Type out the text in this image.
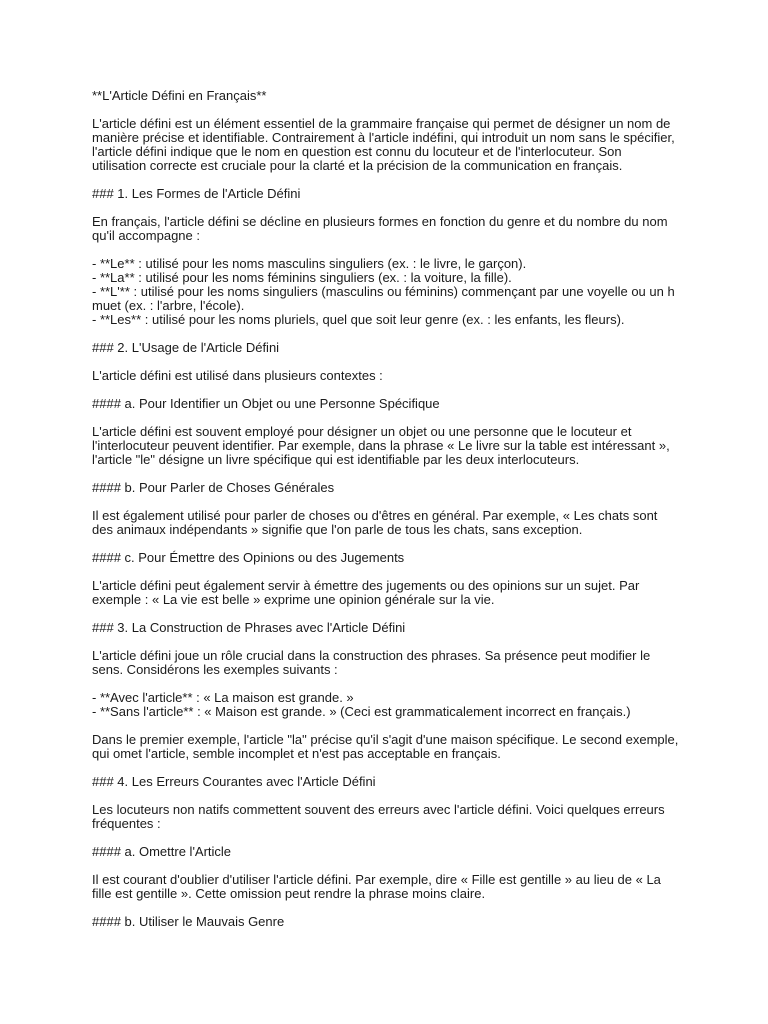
**L'Article Défini en Français**

L'article défini est un élément essentiel de la grammaire française qui permet de désigner un nom de
manière précise et identifiable. Contrairement à l'article indéfini, qui introduit un nom sans le spécifier,
l'article défini indique que le nom en question est connu du locuteur et de l'interlocuteur. Son
utilisation correcte est cruciale pour la clarté et la précision de la communication en français.

### 1. Les Formes de l'Article Défini

En français, l'article défini se décline en plusieurs formes en fonction du genre et du nombre du nom
qu'il accompagne :

- **Le** : utilisé pour les noms masculins singuliers (ex. : le livre, le garçon).
- **La** : utilisé pour les noms féminins singuliers (ex. : la voiture, la fille).
- **L'** : utilisé pour les noms singuliers (masculins ou féminins) commençant par une voyelle ou un h
muet (ex. : l'arbre, l'école).
- **Les** : utilisé pour les noms pluriels, quel que soit leur genre (ex. : les enfants, les fleurs).

### 2. L'Usage de l'Article Défini

L'article défini est utilisé dans plusieurs contextes :

#### a. Pour Identifier un Objet ou une Personne Spécifique

L'article défini est souvent employé pour désigner un objet ou une personne que le locuteur et
l'interlocuteur peuvent identifier. Par exemple, dans la phrase « Le livre sur la table est intéressant »,
l'article "le" désigne un livre spécifique qui est identifiable par les deux interlocuteurs.

#### b. Pour Parler de Choses Générales

Il est également utilisé pour parler de choses ou d'êtres en général. Par exemple, « Les chats sont
des animaux indépendants » signifie que l'on parle de tous les chats, sans exception.

#### c. Pour Émettre des Opinions ou des Jugements

L'article défini peut également servir à émettre des jugements ou des opinions sur un sujet. Par
exemple : « La vie est belle » exprime une opinion générale sur la vie.

### 3. La Construction de Phrases avec l'Article Défini

L'article défini joue un rôle crucial dans la construction des phrases. Sa présence peut modifier le
sens. Considérons les exemples suivants :

- **Avec l'article** : « La maison est grande. »
- **Sans l'article** : « Maison est grande. » (Ceci est grammaticalement incorrect en français.)

Dans le premier exemple, l'article "la" précise qu'il s'agit d'une maison spécifique. Le second exemple,
qui omet l'article, semble incomplet et n'est pas acceptable en français.

### 4. Les Erreurs Courantes avec l'Article Défini

Les locuteurs non natifs commettent souvent des erreurs avec l'article défini. Voici quelques erreurs
fréquentes :

#### a. Omettre l'Article

Il est courant d'oublier d'utiliser l'article défini. Par exemple, dire « Fille est gentille » au lieu de « La
fille est gentille ». Cette omission peut rendre la phrase moins claire.

#### b. Utiliser le Mauvais Genre
